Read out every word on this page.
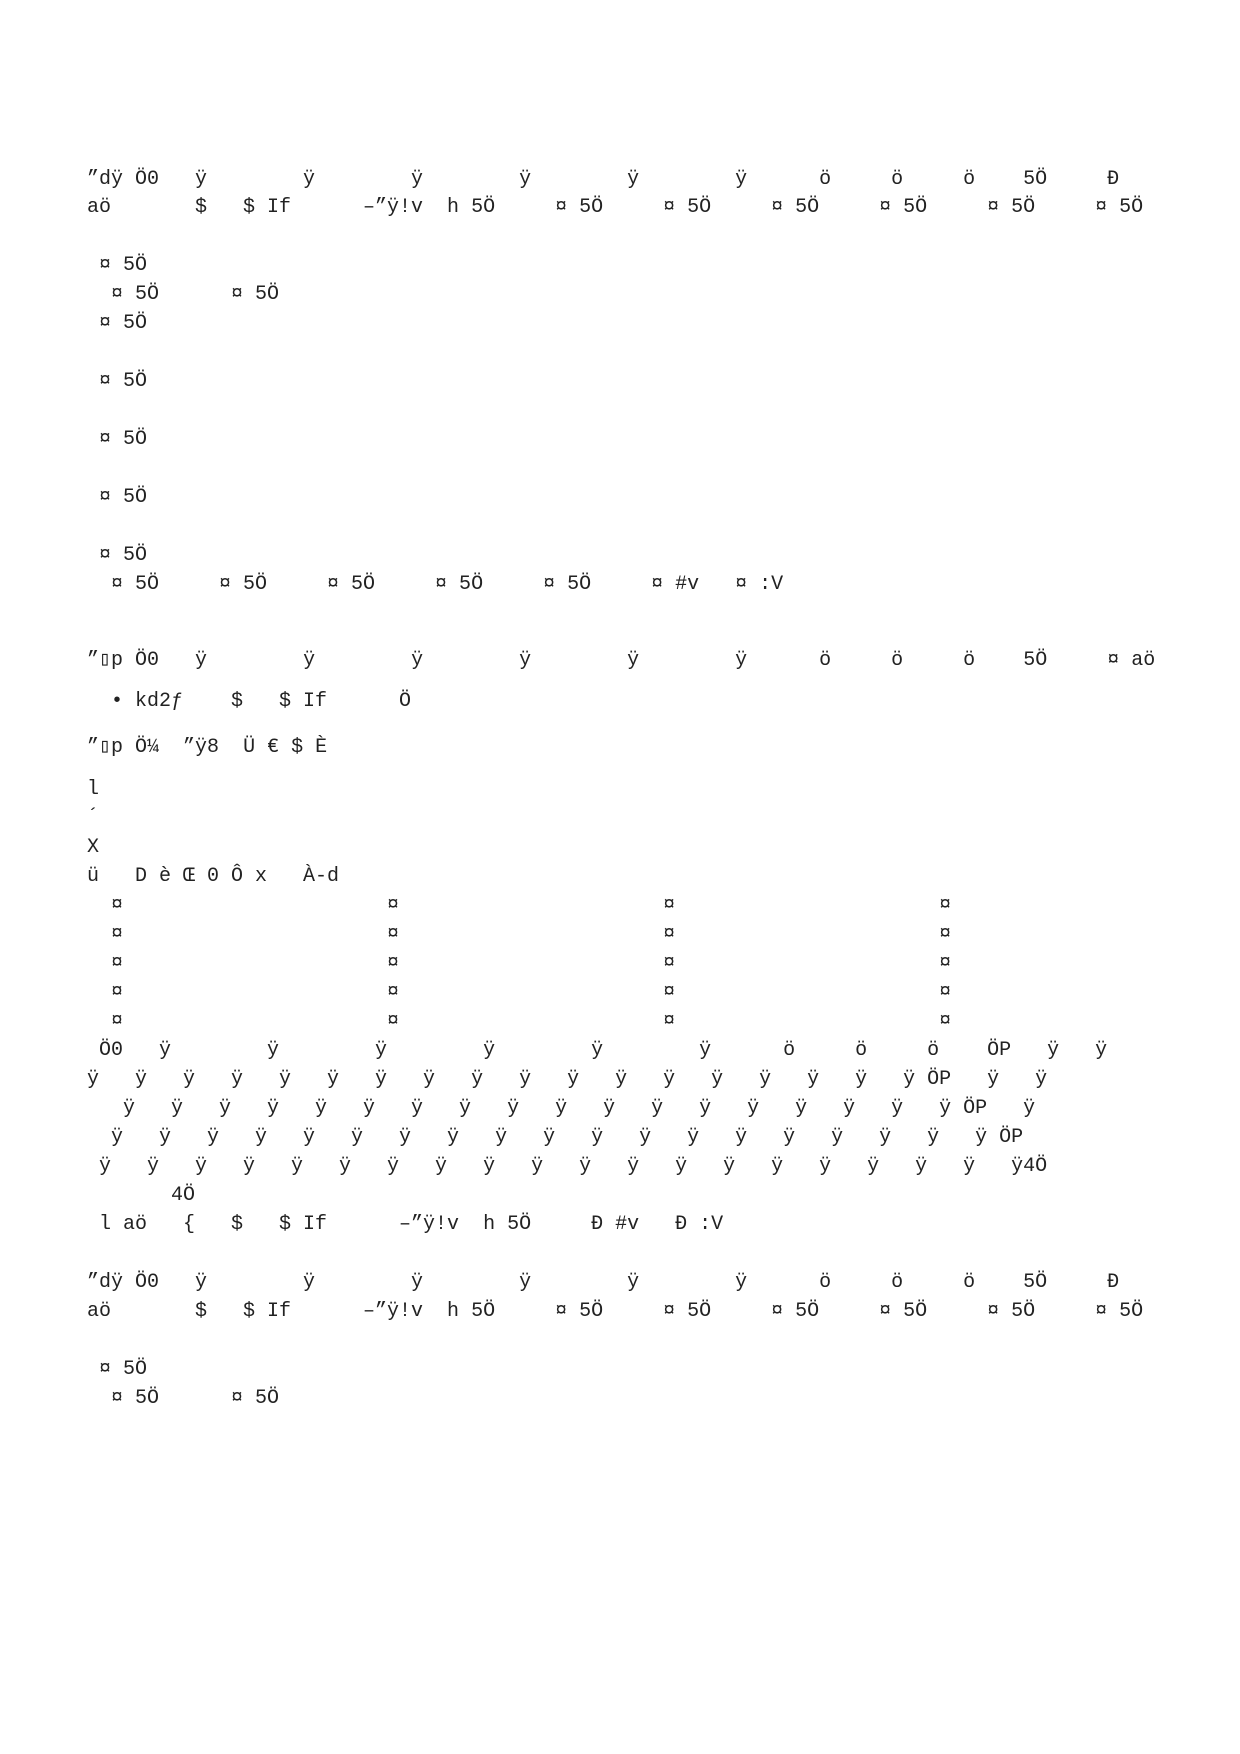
”dÿ Ö0   ÿ        ÿ        ÿ        ÿ        ÿ        ÿ      ö     ö     ö    5Ö     Ð
aö       $   $ If      –”ÿ!v  h 5Ö     ¤ 5Ö     ¤ 5Ö     ¤ 5Ö     ¤ 5Ö     ¤ 5Ö     ¤ 5Ö
¤ 5Ö
¤ 5Ö      ¤ 5Ö
¤ 5Ö
¤ 5Ö
¤ 5Ö
¤ 5Ö
¤ 5Ö
¤ 5Ö     ¤ 5Ö     ¤ 5Ö     ¤ 5Ö     ¤ 5Ö     ¤ #v   ¤ :V
”▯p Ö0   ÿ        ÿ        ÿ        ÿ        ÿ        ÿ      ö     ö     ö    5Ö     ¤ aö
• kd2ƒ    $   $ If      Ö
”▯p Ö¼  ”ÿ8  Ü € $ È
l
´
X
ü   D è Œ 0 Ô x   À-d
¤                      ¤                      ¤                      ¤
¤                      ¤                      ¤                      ¤
¤                      ¤                      ¤                      ¤
¤                      ¤                      ¤                      ¤
¤                      ¤                      ¤                      ¤
Ö0   ÿ        ÿ        ÿ        ÿ        ÿ        ÿ      ö     ö     ö    ÖP   ÿ   ÿ
ÿ   ÿ   ÿ   ÿ   ÿ   ÿ   ÿ   ÿ   ÿ   ÿ   ÿ   ÿ   ÿ   ÿ   ÿ   ÿ   ÿ   ÿ ÖP   ÿ   ÿ
ÿ   ÿ   ÿ   ÿ   ÿ   ÿ   ÿ   ÿ   ÿ   ÿ   ÿ   ÿ   ÿ   ÿ   ÿ   ÿ   ÿ   ÿ ÖP   ÿ
ÿ   ÿ   ÿ   ÿ   ÿ   ÿ   ÿ   ÿ   ÿ   ÿ   ÿ   ÿ   ÿ   ÿ   ÿ   ÿ   ÿ   ÿ   ÿ ÖP
ÿ   ÿ   ÿ   ÿ   ÿ   ÿ   ÿ   ÿ   ÿ   ÿ   ÿ   ÿ   ÿ   ÿ   ÿ   ÿ   ÿ   ÿ   ÿ   ÿ4Ö
4Ö
l aö   {   $   $ If      –”ÿ!v  h 5Ö     Ð #v   Ð :V
”dÿ Ö0   ÿ        ÿ        ÿ        ÿ        ÿ        ÿ      ö     ö     ö    5Ö     Ð
aö       $   $ If      –”ÿ!v  h 5Ö     ¤ 5Ö     ¤ 5Ö     ¤ 5Ö     ¤ 5Ö     ¤ 5Ö     ¤ 5Ö
¤ 5Ö
¤ 5Ö      ¤ 5Ö
